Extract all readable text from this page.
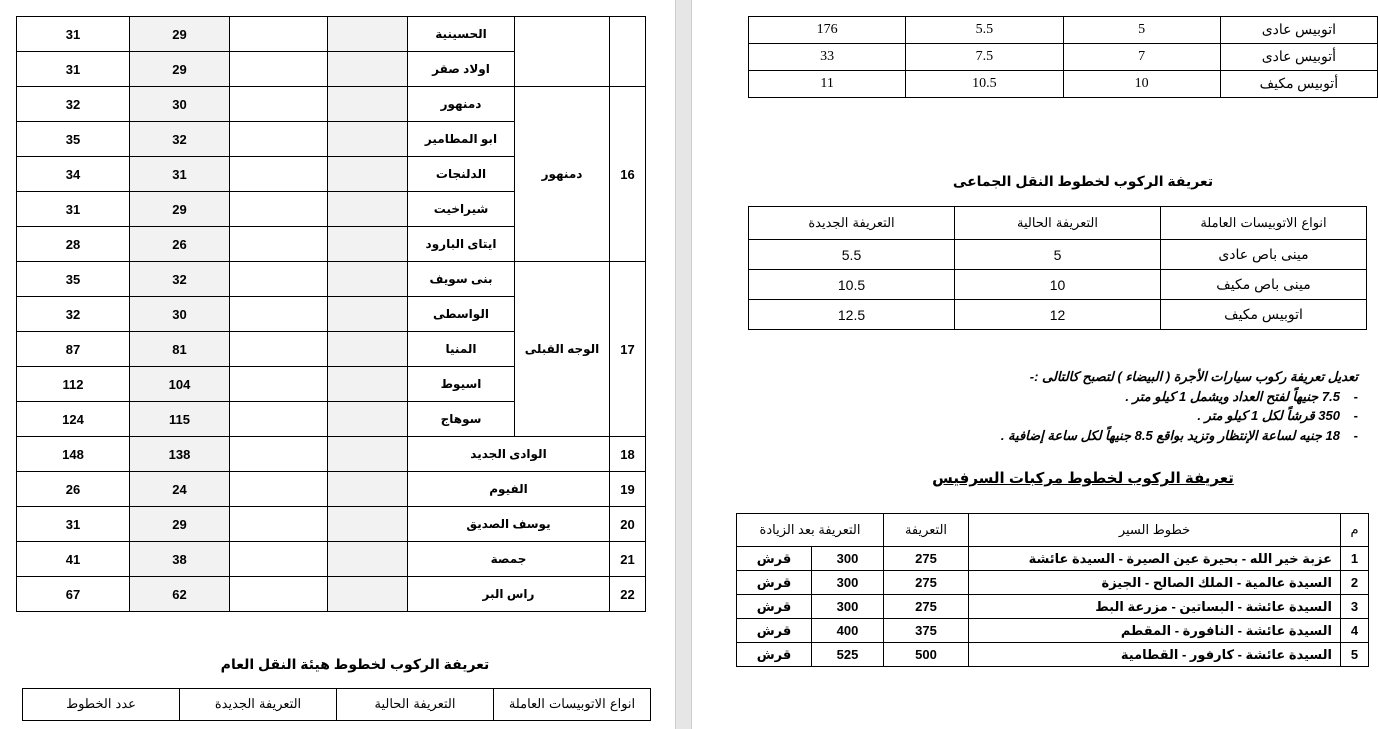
		الحسينية			29	31
		اولاد صقر			29	31
16	دمنهور	دمنهور			30	32
		ابو المطامير			32	35
		الدلنجات			31	34
		شيراخيت			29	31
		ايتاى البارود			26	28
17	الوجه القبلى	بنى سويف			32	35
		الواسطى			30	32
		المنيا			81	87
		اسيوط			104	112
		سوهاج			115	124
18	الوادى الجديد				138	148
19	الفيوم				24	26
20	يوسف الصديق				29	31
21	جمصة				38	41
22	راس البر				62	67
تعريفة الركوب لخطوط هيئة النقل العام
انواع الاتوبيسات العاملة	التعريفة الحالية	التعريفة الجديدة	عدد الخطوط
اتوبيس عادى	5	5.5	176
أتوبيس عادى	7	7.5	33
أتوبيس مكيف	10	10.5	11
تعريفة الركوب لخطوط النقل الجماعى
انواع الاتوبيسات العاملة	التعريفة الحالية	التعريفة الجديدة
مينى باص عادى	5	5.5
مينى باص مكيف	10	10.5
اتوبيس مكيف	12	12.5
تعديل تعريفة ركوب سيارات الأجرة ( البيضاء ) لتصبح كالتالى :-
- 7.5 جنيهاً لفتح العداد ويشمل 1 كيلو متر .
- 350 قرشاً لكل 1 كيلو متر .
- 18 جنيه لساعة الإنتظار وتزيد بواقع 8.5 جنيهاً لكل ساعة إضافية .
تعريفة الركوب لخطوط مركبات السرفيس
م	خطوط السير	التعريفة	التعريفة بعد الزيادة	
1	عزبة خير الله - بحيرة عين الصيرة - السيدة عائشة	275	300	قرش
2	السيدة عالمية - الملك الصالح - الجيزة	275	300	قرش
3	السيدة عائشة - البساتين - مزرعة البط	275	300	قرش
4	السيدة عائشة - النافورة - المقطم	375	400	قرش
5	السيدة عائشة - كارفور - القطامية	500	525	قرش
